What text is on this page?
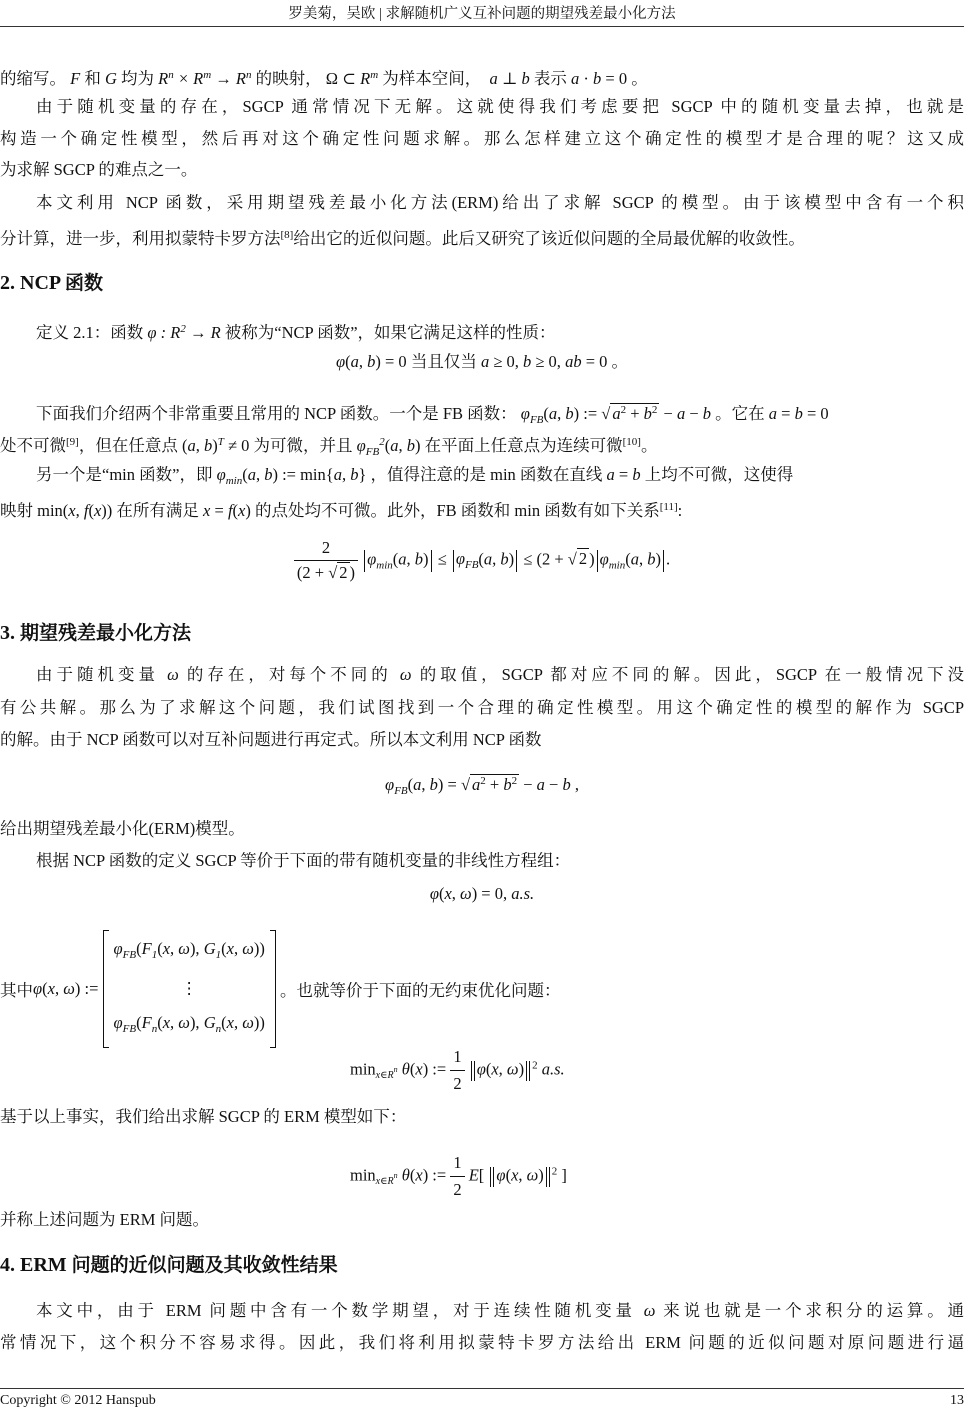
罗美菊，吴欧 | 求解随机广义互补问题的期望残差最小化方法
的缩写。 F 和 G 均为 $R^n \times R^m \to R^n$ 的映射， Ω ⊂ $R^m$ 为样本空间， a ⊥ b 表示 a · b = 0 。
由于随机变量的存在，SGCP 通常情况下无解。这就使得我们考虑要把 SGCP 中的随机变量去掉，也就是
构造一个确定性模型，然后再对这个确定性问题求解。那么怎样建立这个确定性的模型才是合理的呢？这又成
为求解 SGCP 的难点之一。
本文利用 NCP 函数，采用期望残差最小化方法(ERM)给出了求解 SGCP 的模型。由于该模型中含有一个积
分计算，进一步，利用拟蒙特卡罗方法[8]给出它的近似问题。此后又研究了该近似问题的全局最优解的收敛性。
2. NCP 函数
定义 2.1：函数 φ : $R^2 \to R$ 被称为“NCP 函数”，如果它满足这样的性质：
φ(a, b) = 0 当且仅当 a ≥ 0, b ≥ 0, ab = 0 。
下面我们介绍两个非常重要且常用的 NCP 函数。一个是 FB 函数： $\varphi_{FB}(a$, b) := √ $a^2 + b^2 - a - b$ 。它在 a = b = 0
处不可微[9]，但在任意点 (a, b)$^T$ ≠ 0 为可微，并且 $\varphi_{FB}^2(a$, b) 在平面上任意点为连续可微[10]。
另一个是“min 函数”，即 $\varphi_{min}(a$, b) := min{a, b} ，值得注意的是 min 函数在直线 a = b 上均不可微，这使得
映射 min(x, f(x)) 在所有满足 x = f(x) 的点处均不可微。此外，FB 函数和 min 函数有如下关系[11]:
$\frac{2}{(2 + √ 2 )} \varphi_{min}(a$, $b) \le \varphi_{FB}(a$, b) ≤ (2 + √ 2 ) $\varphi_{min}(a$, b) .
3. 期望残差最小化方法
由于随机变量 ω 的存在，对每个不同的 ω 的取值，SGCP 都对应不同的解。因此，SGCP 在一般情况下没
有公共解。那么为了求解这个问题，我们试图找到一个合理的确定性模型。用这个确定性的模型的解作为 SGCP
的解。由于 NCP 函数可以对互补问题进行再定式。所以本文利用 NCP 函数
$\varphi_{FB}(a$, b) = √ $a^2 + b^2 - a - b$ ,
给出期望残差最小化(ERM)模型。
根据 NCP 函数的定义 SGCP 等价于下面的带有随机变量的非线性方程组：
φ(x, ω) = 0, a.s.
其中φ(x, ω) :=
$\varphi_{FB}(F_1(x$, ω), $G_1(x$, ω))
⋮
$\varphi_{FB}(F_n(x$, ω), $G_n(x$, ω))
。也就等价于下面的无约束优化问题：
$\min_{x\in R^n} \theta(x)$ := $\frac{1}{2} \varphi(x$, ω) $^2$ a.s.
基于以上事实，我们给出求解 SGCP 的 ERM 模型如下：
$\min_{x\in R^n} \theta(x)$ := $\frac{1}{2} E$[ φ(x, ω) $^2$ ]
并称上述问题为 ERM 问题。
4. ERM 问题的近似问题及其收敛性结果
本文中，由于 ERM 问题中含有一个数学期望，对于连续性随机变量 ω 来说也就是一个求积分的运算。通
常情况下，这个积分不容易求得。因此，我们将利用拟蒙特卡罗方法给出 ERM 问题的近似问题对原问题进行逼
Copyright © 2012 Hanspub	13
